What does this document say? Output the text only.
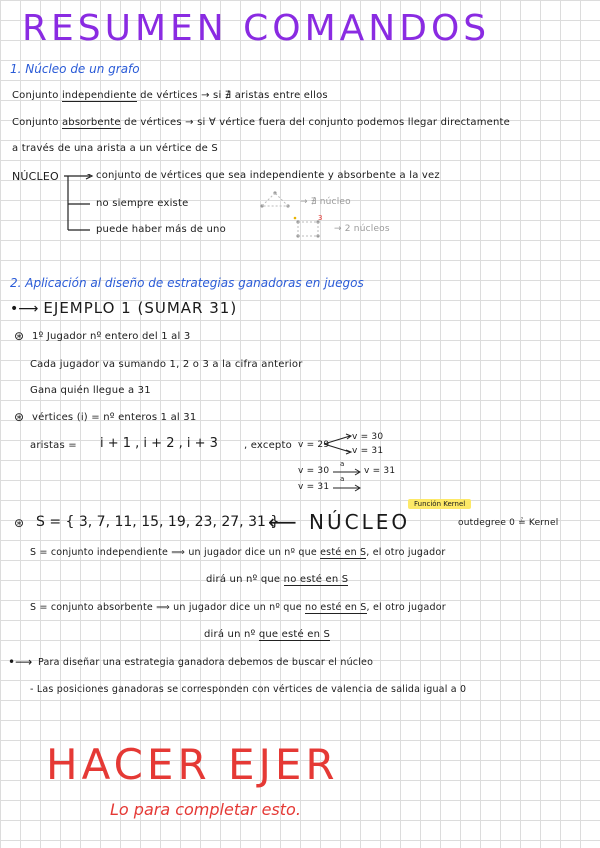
RESUMEN COMANDOS
1. Núcleo de un grafo
Conjunto independiente de vértices → si ∄ aristas entre ellos
Conjunto absorbente de vértices → si ∀ vértice fuera del conjunto podemos llegar directamente
a través de una arista a un vértice de S
NÚCLEO	conjunto de vértices que sea independiente y absorbente a la vez
no siempre existe
puede haber más de uno
→ ∄ núcleo
3
→ 2 núcleos
2. Aplicación al diseño de estrategias ganadoras en juegos
•⟶ EJEMPLO 1 (SUMAR 31)
⊛ 1º Jugador nº entero del 1 al 3
Cada jugador va sumando 1, 2 o 3 a la cifra anterior
Gana quién llegue a 31
⊛ vértices (i) = nº enteros 1 al 31
aristas = i + 1 , i + 2 , i + 3	, excepto v = 29
v = 30
v = 31
v = 30
a
v = 31
v = 31
a
Función Kernel
⊛ S = { 3, 7, 11, 15, 19, 23, 27, 31 }
⟵ NÚCLEO	outdegree 0 ≟ Kernel
S = conjunto independiente ⟹ un jugador dice un nº que esté en S, el otro jugador
dirá un nº que no esté en S
S = conjunto absorbente ⟹ un jugador dice un nº que no esté en S, el otro jugador
dirá un nº que esté en S
•⟶ Para diseñar una estrategia ganadora debemos de buscar el núcleo
- Las posiciones ganadoras se corresponden con vértices de valencia de salida igual a 0
HACER EJER
Lo para completar esto.
